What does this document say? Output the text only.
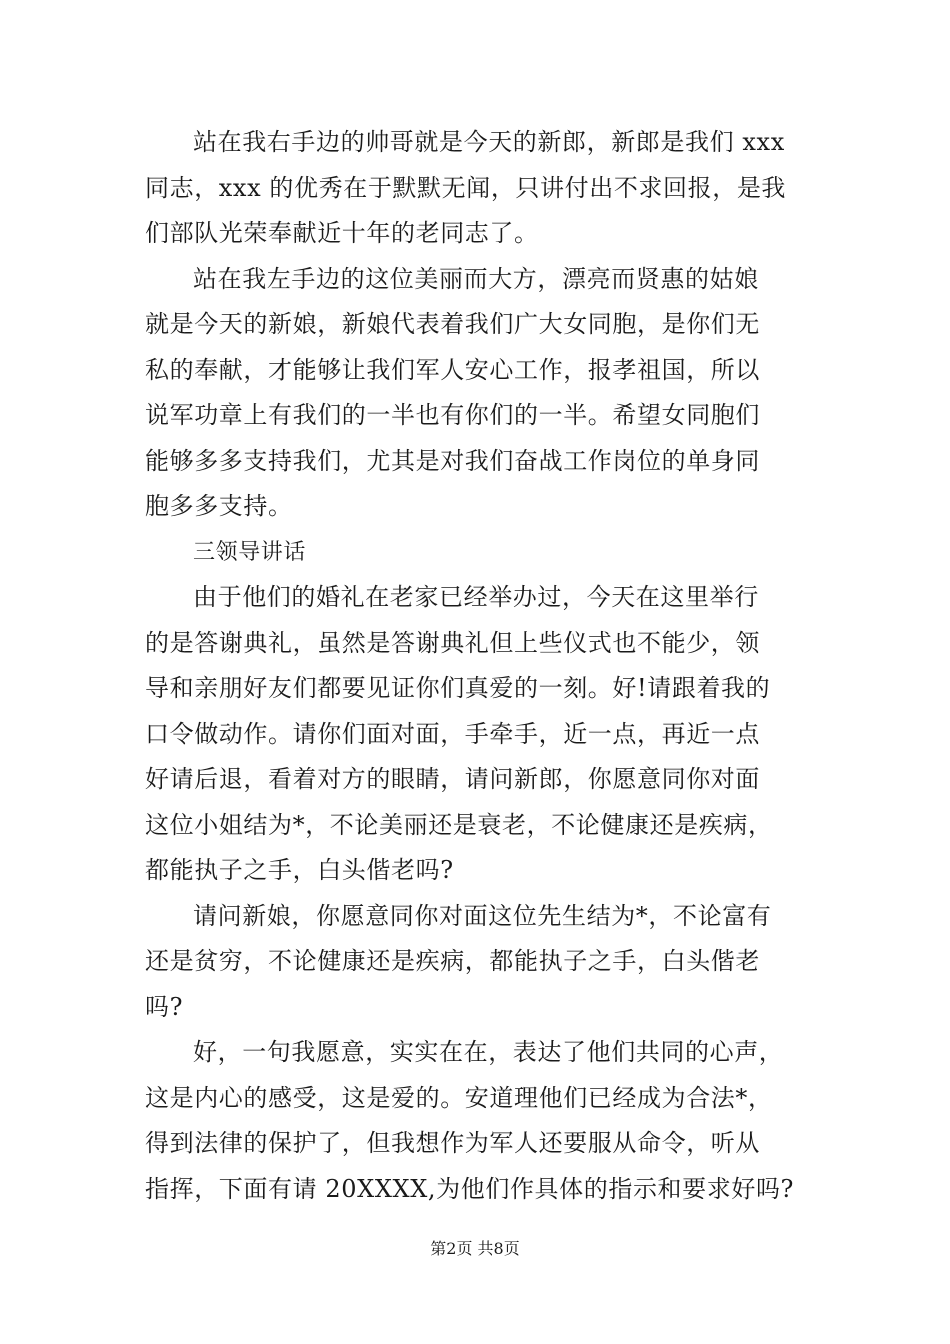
站在我右手边的帅哥就是今天的新郎，新郎是我们 xxx
同志，xxx 的优秀在于默默无闻，只讲付出不求回报，是我
们部队光荣奉献近十年的老同志了。
站在我左手边的这位美丽而大方，漂亮而贤惠的姑娘
就是今天的新娘，新娘代表着我们广大女同胞，是你们无
私的奉献，才能够让我们军人安心工作，报孝祖国，所以
说军功章上有我们的一半也有你们的一半。希望女同胞们
能够多多支持我们，尤其是对我们奋战工作岗位的单身同
胞多多支持。
三领导讲话
由于他们的婚礼在老家已经举办过，今天在这里举行
的是答谢典礼，虽然是答谢典礼但上些仪式也不能少，领
导和亲朋好友们都要见证你们真爱的一刻。好!请跟着我的
口令做动作。请你们面对面，手牵手，近一点，再近一点
好请后退，看着对方的眼睛，请问新郎，你愿意同你对面
这位小姐结为*，不论美丽还是衰老，不论健康还是疾病，
都能执子之手，白头偕老吗?
请问新娘，你愿意同你对面这位先生结为*，不论富有
还是贫穷，不论健康还是疾病，都能执子之手，白头偕老
吗?
好，一句我愿意，实实在在，表达了他们共同的心声，
这是内心的感受，这是爱的。安道理他们已经成为合法*，
得到法律的保护了，但我想作为军人还要服从命令，听从
指挥，下面有请 20XXXX,为他们作具体的指示和要求好吗?
第2页 共8页
